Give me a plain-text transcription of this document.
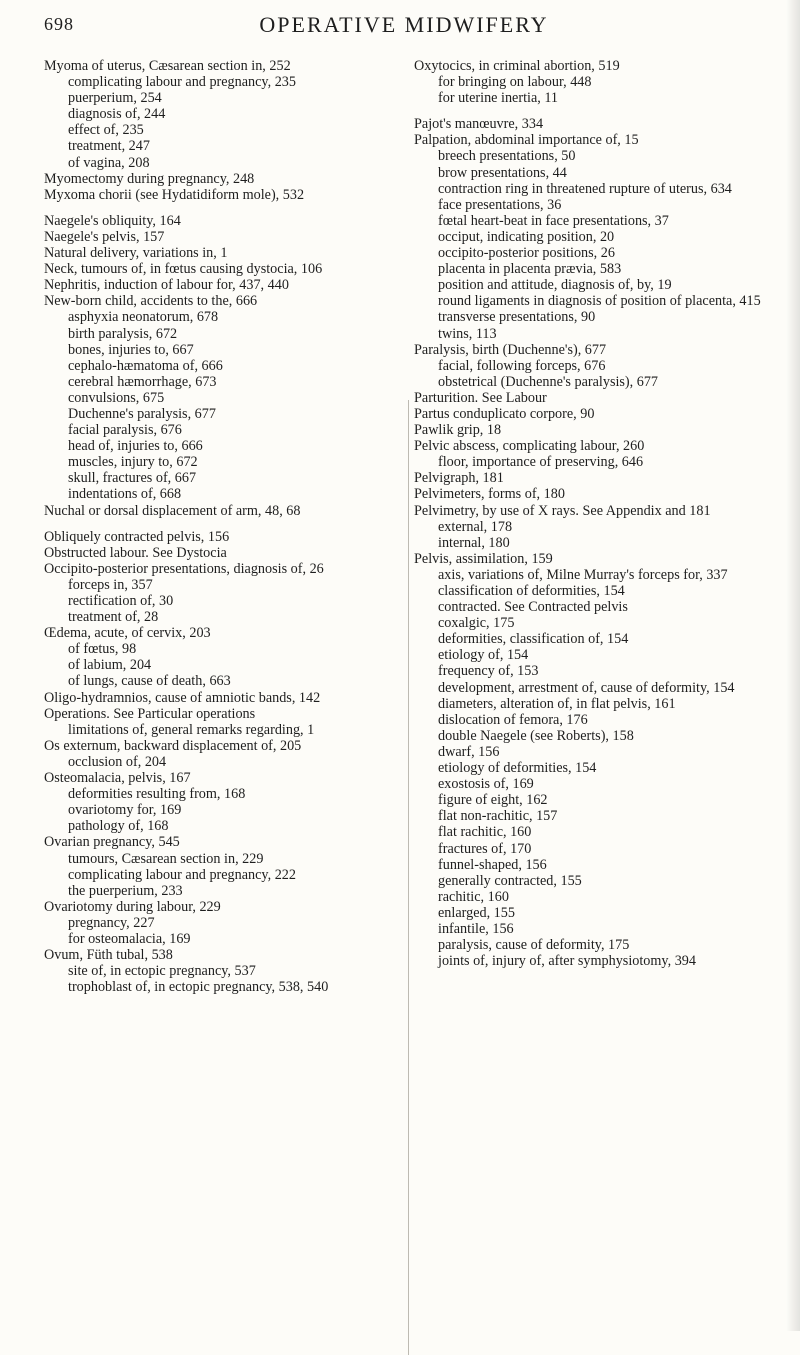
698	OPERATIVE MIDWIFERY

Myoma of uterus, Cæsarean section in, 252

complicating labour and pregnancy, 235

puerperium, 254

diagnosis of, 244

effect of, 235

treatment, 247

of vagina, 208

Myomectomy during pregnancy, 248

Myxoma chorii (see Hydatidiform mole), 532

Naegele's obliquity, 164

Naegele's pelvis, 157

Natural delivery, variations in, 1

Neck, tumours of, in fœtus causing dystocia, 106

Nephritis, induction of labour for, 437, 440

New-born child, accidents to the, 666

asphyxia neonatorum, 678

birth paralysis, 672

bones, injuries to, 667

cephalo-hæmatoma of, 666

cerebral hæmorrhage, 673

convulsions, 675

Duchenne's paralysis, 677

facial paralysis, 676

head of, injuries to, 666

muscles, injury to, 672

skull, fractures of, 667

indentations of, 668

Nuchal or dorsal displacement of arm, 48, 68

Obliquely contracted pelvis, 156

Obstructed labour. See Dystocia

Occipito-posterior presentations, diagnosis of, 26

forceps in, 357

rectification of, 30

treatment of, 28

Œdema, acute, of cervix, 203

of fœtus, 98

of labium, 204

of lungs, cause of death, 663

Oligo-hydramnios, cause of amniotic bands, 142

Operations. See Particular operations

limitations of, general remarks regarding, 1

Os externum, backward displacement of, 205

occlusion of, 204

Osteomalacia, pelvis, 167

deformities resulting from, 168

ovariotomy for, 169

pathology of, 168

Ovarian pregnancy, 545

tumours, Cæsarean section in, 229

complicating labour and pregnancy, 222

the puerperium, 233

Ovariotomy during labour, 229

pregnancy, 227

for osteomalacia, 169

Ovum, Füth tubal, 538

site of, in ectopic pregnancy, 537

trophoblast of, in ectopic pregnancy, 538, 540

Oxytocics, in criminal abortion, 519

for bringing on labour, 448

for uterine inertia, 11

Pajot's manœuvre, 334

Palpation, abdominal importance of, 15

breech presentations, 50

brow presentations, 44

contraction ring in threatened rupture of uterus, 634

face presentations, 36

fœtal heart-beat in face presentations, 37

occiput, indicating position, 20

occipito-posterior positions, 26

placenta in placenta prævia, 583

position and attitude, diagnosis of, by, 19

round ligaments in diagnosis of position of placenta, 415

transverse presentations, 90

twins, 113

Paralysis, birth (Duchenne's), 677

facial, following forceps, 676

obstetrical (Duchenne's paralysis), 677

Parturition. See Labour

Partus conduplicato corpore, 90

Pawlik grip, 18

Pelvic abscess, complicating labour, 260

floor, importance of preserving, 646

Pelvigraph, 181

Pelvimeters, forms of, 180

Pelvimetry, by use of X rays. See Appendix and 181

external, 178

internal, 180

Pelvis, assimilation, 159

axis, variations of, Milne Murray's forceps for, 337

classification of deformities, 154

contracted. See Contracted pelvis

coxalgic, 175

deformities, classification of, 154

etiology of, 154

frequency of, 153

development, arrestment of, cause of deformity, 154

diameters, alteration of, in flat pelvis, 161

dislocation of femora, 176

double Naegele (see Roberts), 158

dwarf, 156

etiology of deformities, 154

exostosis of, 169

figure of eight, 162

flat non-rachitic, 157

flat rachitic, 160

fractures of, 170

funnel-shaped, 156

generally contracted, 155

rachitic, 160

enlarged, 155

infantile, 156

paralysis, cause of deformity, 175

joints of, injury of, after symphysiotomy, 394
